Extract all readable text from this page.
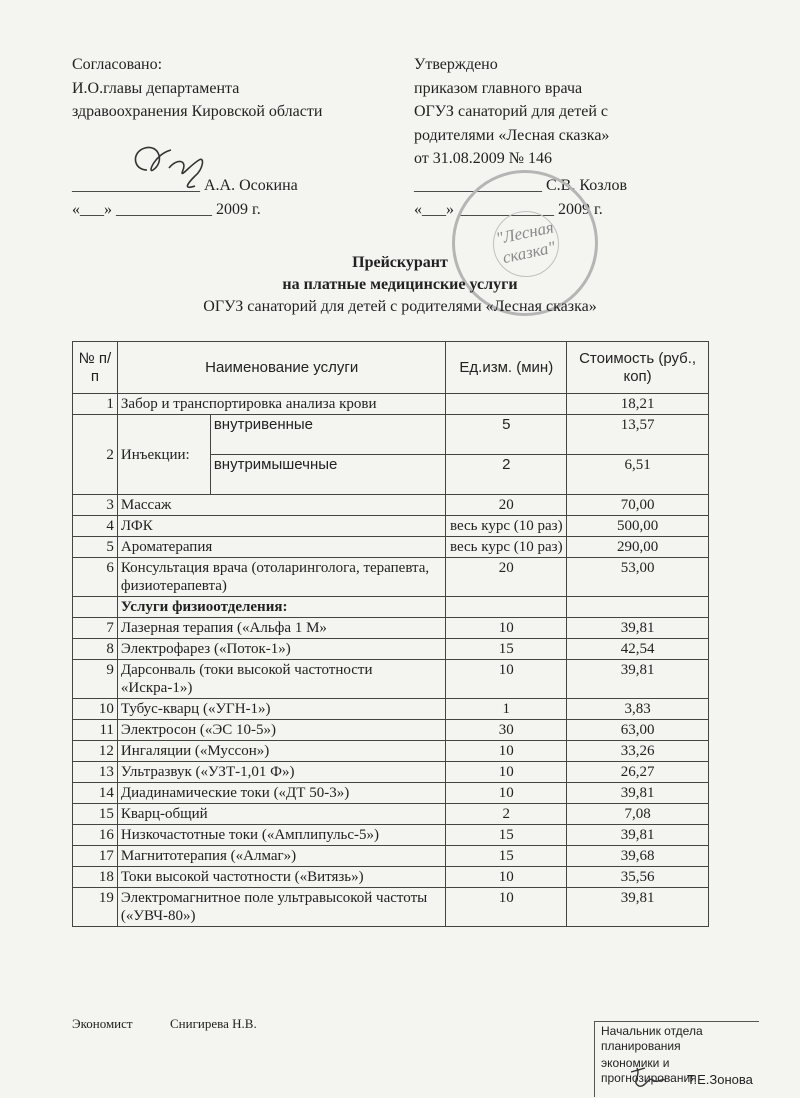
Согласовано:
И.О.главы департамента
здравоохранения Кировской области
________________ А.А. Осокина
«___» ____________ 2009 г.
Утверждено
приказом главного врача
ОГУЗ санаторий для детей с
родителями «Лесная сказка»
от 31.08.2009 № 146
________________ С.В. Козлов
«___» ____________ 2009 г.
"Лесная сказка"
Прейскурант
на платные медицинские услуги
ОГУЗ санаторий для детей с родителями «Лесная сказка»
№ п/п	Наименование услуги		Ед.изм. (мин)	Стоимость (руб., коп)
1	Забор и транспортировка анализа крови			18,21
2	Инъекции:	внутривенные	5	13,57
		внутримышечные	2	6,51
3	Массаж		20	70,00
4	ЛФК		весь курс (10 раз)	500,00
5	Ароматерапия		весь курс (10 раз)	290,00
6	Консультация врача (отоларинголога, терапевта, физиотерапевта)		20	53,00
	Услуги физиоотделения:			
7	Лазерная терапия («Альфа 1 М»		10	39,81
8	Электрофарез («Поток-1»)		15	42,54
9	Дарсонваль (токи высокой частотности «Искра-1»)		10	39,81
10	Тубус-кварц («УГН-1»)		1	3,83
11	Электросон («ЭС 10-5»)		30	63,00
12	Ингаляции («Муссон»)		10	33,26
13	Ультразвук («УЗТ-1,01 Ф»)		10	26,27
14	Диадинамические токи («ДТ 50-3»)		10	39,81
15	Кварц-общий		2	7,08
16	Низкочастотные токи («Амплипульс-5»)		15	39,81
17	Магнитотерапия («Алмаг»)		15	39,68
18	Токи высокой частотности («Витязь»)		10	35,56
19	Электромагнитное поле ультравысокой частоты («УВЧ-80»)		10	39,81
Экономист	Снигирева Н.В.	Начальник отдела планирования
экономики и прогнозирования
Т.Е.Зонова
